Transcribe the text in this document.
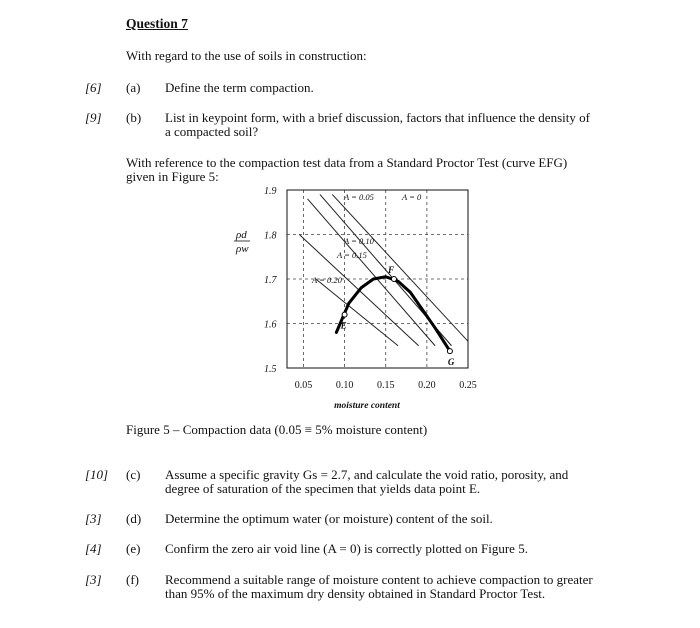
Question 7
With regard to the use of soils in construction:
[6] (a) Define the term compaction.
[9] (b) List in keypoint form, with a brief discussion, factors that influence the density of
a compacted soil?
With reference to the compaction test data from a Standard Proctor Test (curve EFG)
given in Figure 5:
A = 0.05	A = 0
A = 0.10
A = 0.15
A = 0.20
E
F
G
1.5
1.6
1.7
1.8
1.9
0.05 0.10 0.15 0.20 0.25
moisture content
ρd
ρw
Figure 5 – Compaction data (0.05 ≡ 5% moisture content)
[10] (c) Assume a specific gravity Gs = 2.7, and calculate the void ratio, porosity, and
degree of saturation of the specimen that yields data point E.
[3] (d) Determine the optimum water (or moisture) content of the soil.
[4] (e) Confirm the zero air void line (A = 0) is correctly plotted on Figure 5.
[3] (f) Recommend a suitable range of moisture content to achieve compaction to greater
than 95% of the maximum dry density obtained in Standard Proctor Test.
